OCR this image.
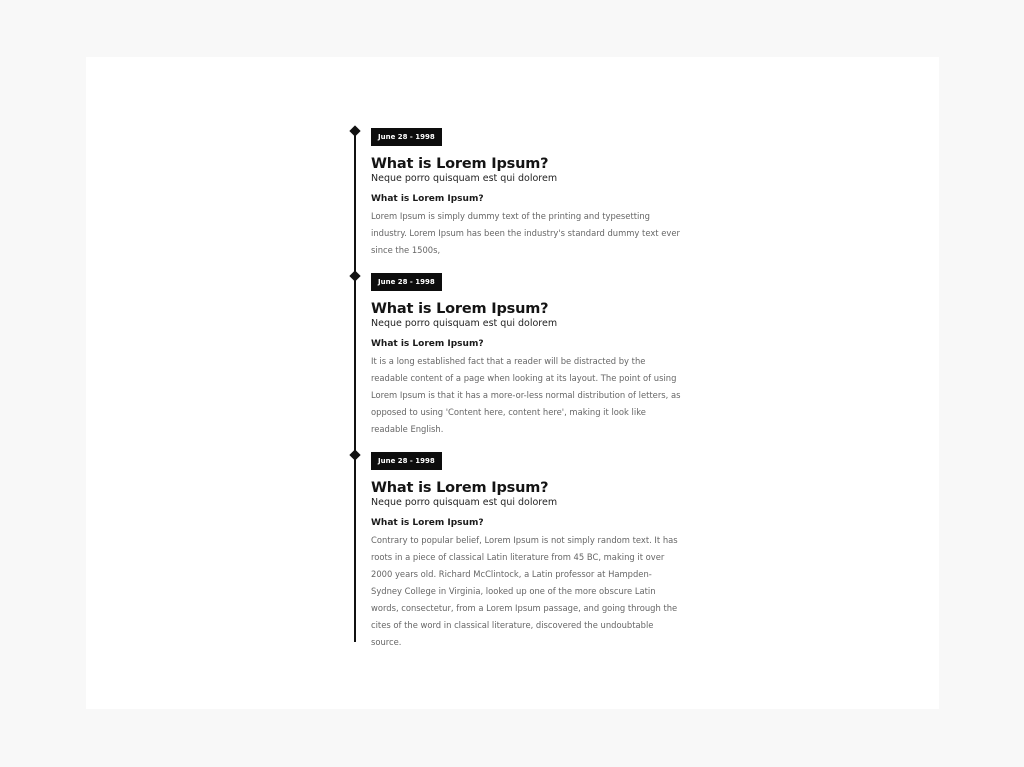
June 28 - 1998
What is Lorem Ipsum?
Neque porro quisquam est qui dolorem
What is Lorem Ipsum?
Lorem Ipsum is simply dummy text of the printing and typesetting industry. Lorem Ipsum has been the industry's standard dummy text ever since the 1500s,
June 28 - 1998
What is Lorem Ipsum?
Neque porro quisquam est qui dolorem
What is Lorem Ipsum?
It is a long established fact that a reader will be distracted by the readable content of a page when looking at its layout. The point of using Lorem Ipsum is that it has a more-or-less normal distribution of letters, as opposed to using 'Content here, content here', making it look like readable English.
June 28 - 1998
What is Lorem Ipsum?
Neque porro quisquam est qui dolorem
What is Lorem Ipsum?
Contrary to popular belief, Lorem Ipsum is not simply random text. It has roots in a piece of classical Latin literature from 45 BC, making it over 2000 years old. Richard McClintock, a Latin professor at Hampden-Sydney College in Virginia, looked up one of the more obscure Latin words, consectetur, from a Lorem Ipsum passage, and going through the cites of the word in classical literature, discovered the undoubtable source.
